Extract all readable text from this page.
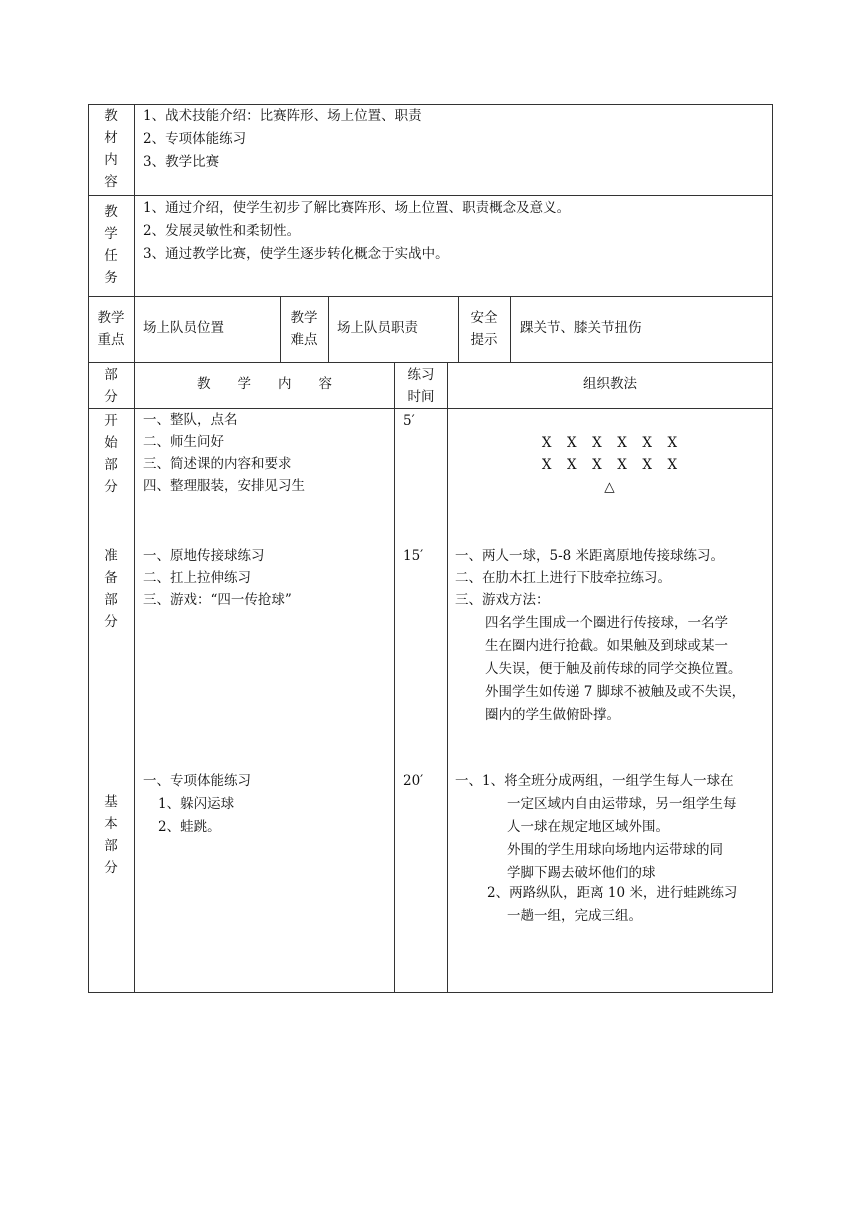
教
材
内
容
1、战术技能介绍：比赛阵形、场上位置、职责
2、专项体能练习
3、教学比赛
教
学
任
务
1、通过介绍，使学生初步了解比赛阵形、场上位置、职责概念及意义。
2、发展灵敏性和柔韧性。
3、通过教学比赛，使学生逐步转化概念于实战中。
教学
重点
场上队员位置
教学
难点
场上队员职责
安全
提示
踝关节、膝关节扭伤
部
分
教　　学　　内　　容
练习
时间
组织教法
开
始
部
分
一、整队，点名
二、师生问好
三、简述课的内容和要求
四、整理服装，安排见习生
5′
X　X　X　X　X　X
X　X　X　X　X　X
△
准
备
部
分
一、原地传接球练习
二、扛上拉伸练习
三、游戏：“四一传抢球”
15′ 一、两人一球，5-8 米距离原地传接球练习。
二、在肋木扛上进行下肢牵拉练习。
三、游戏方法：
四名学生围成一个圈进行传接球，一名学
生在圈内进行抢截。如果触及到球或某一
人失误，便于触及前传球的同学交换位置。
外围学生如传递 7 脚球不被触及或不失误，
圈内的学生做俯卧撑。
基
本
部
分
一、专项体能练习
1、躲闪运球
2、蛙跳。
20′ 一、1、将全班分成两组，一组学生每人一球在
一定区域内自由运带球，另一组学生每
人一球在规定地区域外围。
外围的学生用球向场地内运带球的同
学脚下踢去破坏他们的球
2、两路纵队，距离 10 米，进行蛙跳练习
一趟一组，完成三组。
